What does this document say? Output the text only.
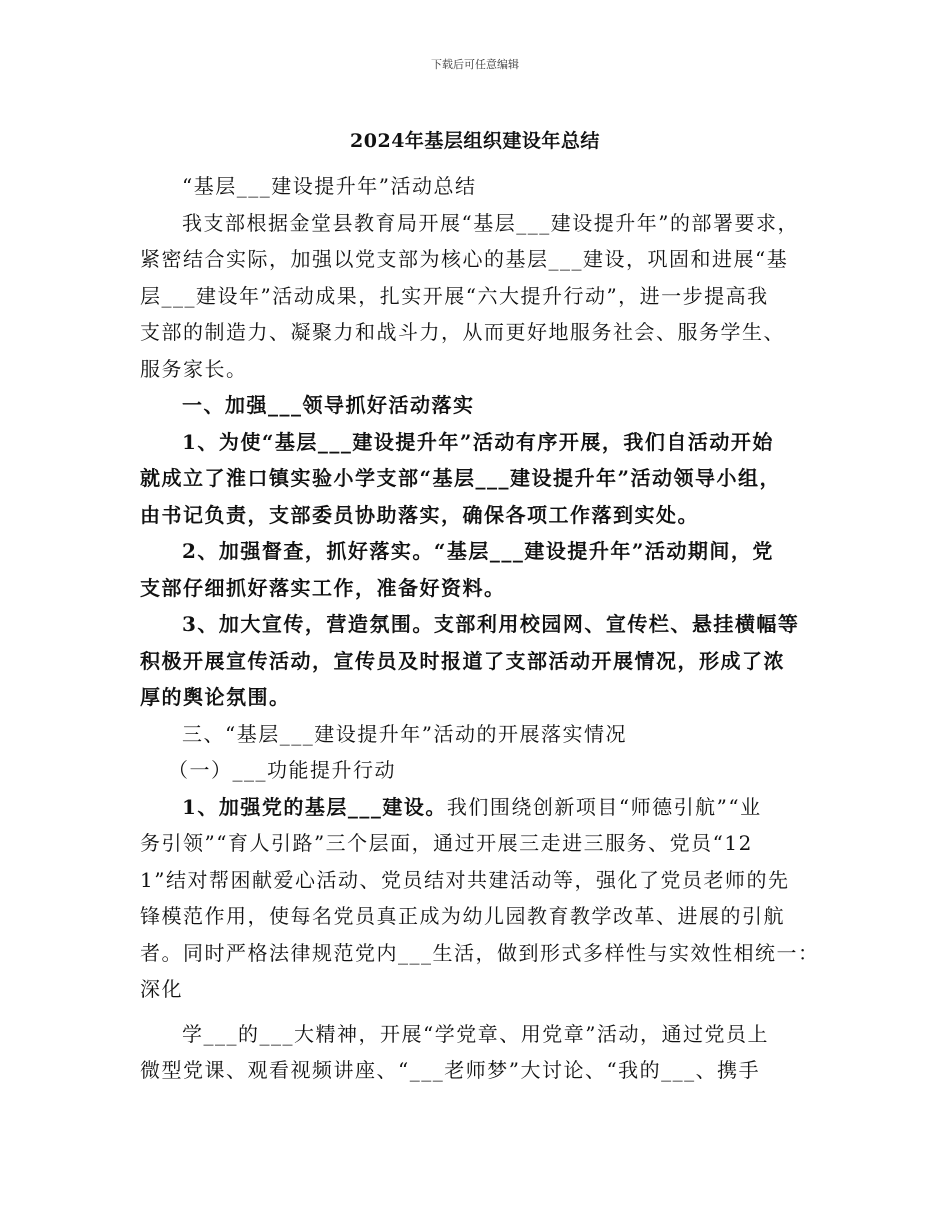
下载后可任意编辑
2024年基层组织建设年总结
“基层___建设提升年”活动总结
我支部根据金堂县教育局开展“基层___建设提升年”的部署要求，
紧密结合实际，加强以党支部为核心的基层___建设，巩固和进展“基
层___建设年”活动成果，扎实开展“六大提升行动”，进一步提高我
支部的制造力、凝聚力和战斗力，从而更好地服务社会、服务学生、
服务家长。
一、加强___领导抓好活动落实
1、为使“基层___建设提升年”活动有序开展，我们自活动开始
就成立了淮口镇实验小学支部“基层___建设提升年”活动领导小组，
由书记负责，支部委员协助落实，确保各项工作落到实处。
2、加强督查，抓好落实。“基层___建设提升年”活动期间，党
支部仔细抓好落实工作，准备好资料。
3、加大宣传，营造氛围。支部利用校园网、宣传栏、悬挂横幅等
积极开展宣传活动，宣传员及时报道了支部活动开展情况，形成了浓
厚的舆论氛围。
三、“基层___建设提升年”活动的开展落实情况
（一）___功能提升行动
1、加强党的基层___建设。我们围绕创新项目“师德引航”“业
务引领”“育人引路”三个层面，通过开展三走进三服务、党员“12
1”结对帮困献爱心活动、党员结对共建活动等，强化了党员老师的先
锋模范作用，使每名党员真正成为幼儿园教育教学改革、进展的引航
者。同时严格法律规范党内___生活，做到形式多样性与实效性相统一：
深化
学___的___大精神，开展“学党章、用党章”活动，通过党员上
微型党课、观看视频讲座、“___老师梦”大讨论、“我的___、携手
